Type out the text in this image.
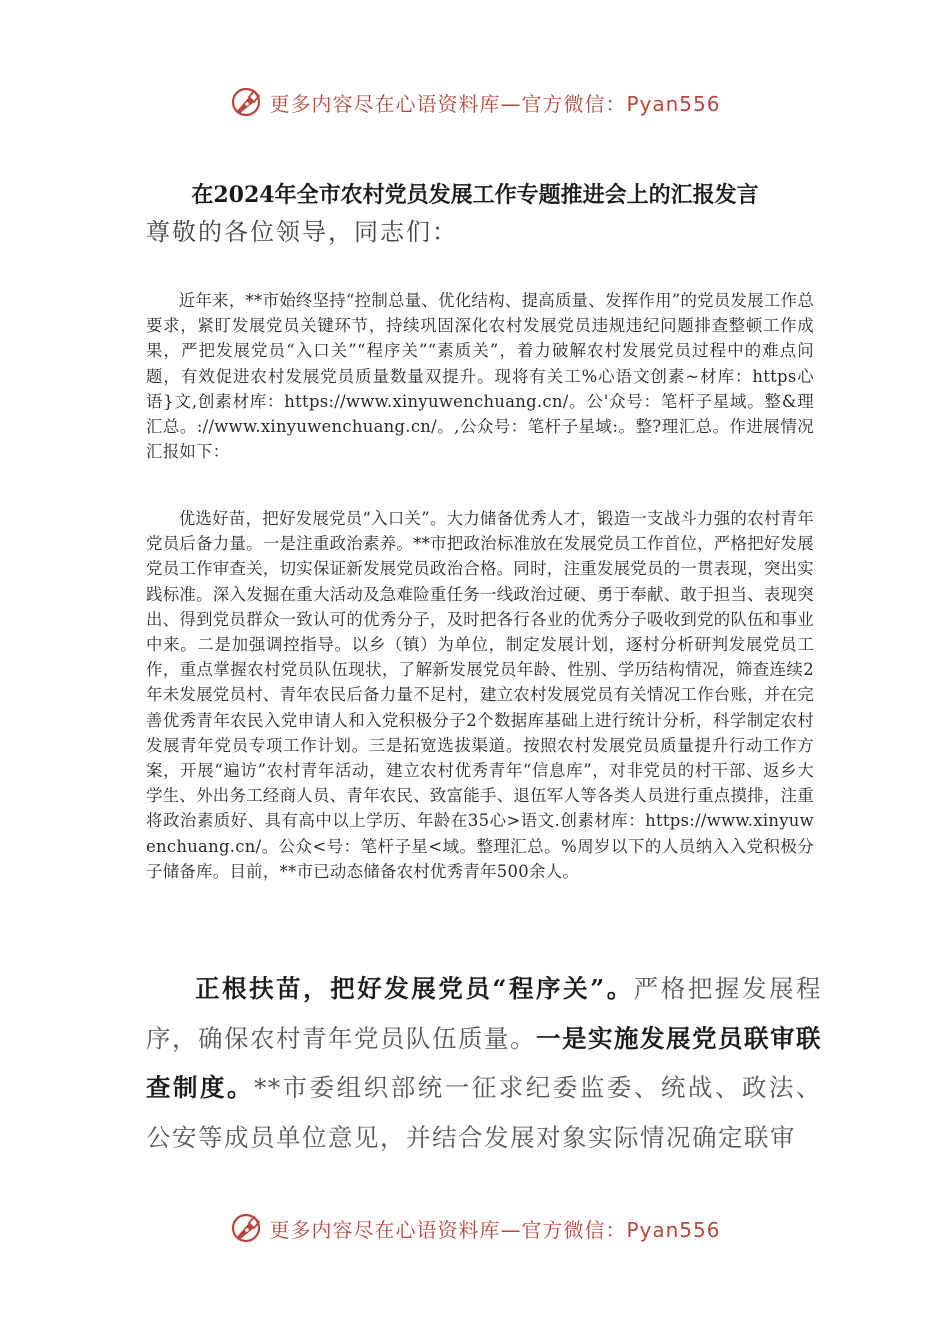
更多内容尽在心语资料库—官方微信：Pyan556
在2024年全市农村党员发展工作专题推进会上的汇报发言
尊敬的各位领导，同志们：
近年来，**市始终坚持“控制总量、优化结构、提高质量、发挥作用”的党员发展工作总要求，紧盯发展党员关键环节，持续巩固深化农村发展党员违规违纪问题排查整顿工作成果，严把发展党员“入口关”“程序关”“素质关”，着力破解农村发展党员过程中的难点问题，有效促进农村发展党员质量数量双提升。现将有关工%心语文创素~材库：https心语}文,创素材库：https://www.xinyuwenchuang.cn/。公'众号：笔杆子星域。整&理汇总。://www.xinyuwenchuang.cn/。,公众号：笔杆子星域:。整?理汇总。作进展情况汇报如下：
优选好苗，把好发展党员“入口关”。大力储备优秀人才，锻造一支战斗力强的农村青年党员后备力量。一是注重政治素养。**市把政治标准放在发展党员工作首位，严格把好发展党员工作审查关，切实保证新发展党员政治合格。同时，注重发展党员的一贯表现，突出实践标准。深入发掘在重大活动及急难险重任务一线政治过硬、勇于奉献、敢于担当、表现突出、得到党员群众一致认可的优秀分子，及时把各行各业的优秀分子吸收到党的队伍和事业中来。二是加强调控指导。以乡（镇）为单位，制定发展计划，逐村分析研判发展党员工作，重点掌握农村党员队伍现状，了解新发展党员年龄、性别、学历结构情况，筛查连续2年未发展党员村、青年农民后备力量不足村，建立农村发展党员有关情况工作台账，并在完善优秀青年农民入党申请人和入党积极分子2个数据库基础上进行统计分析，科学制定农村发展青年党员专项工作计划。三是拓宽选拔渠道。按照农村发展党员质量提升行动工作方案，开展“遍访”农村青年活动，建立农村优秀青年“信息库”，对非党员的村干部、返乡大学生、外出务工经商人员、青年农民、致富能手、退伍军人等各类人员进行重点摸排，注重将政治素质好、具有高中以上学历、年龄在35心>语文.创素材库：https://www.xinyuwenchuang.cn/。公众<号：笔杆子星<域。整理汇总。%周岁以下的人员纳入入党积极分子储备库。目前，**市已动态储备农村优秀青年500余人。
正根扶苗，把好发展党员“程序关”。严格把握发展程序，确保农村青年党员队伍质量。一是实施发展党员联审联查制度。**市委组织部统一征求纪委监委、统战、政法、公安等成员单位意见，并结合发展对象实际情况确定联审
更多内容尽在心语资料库—官方微信：Pyan556
